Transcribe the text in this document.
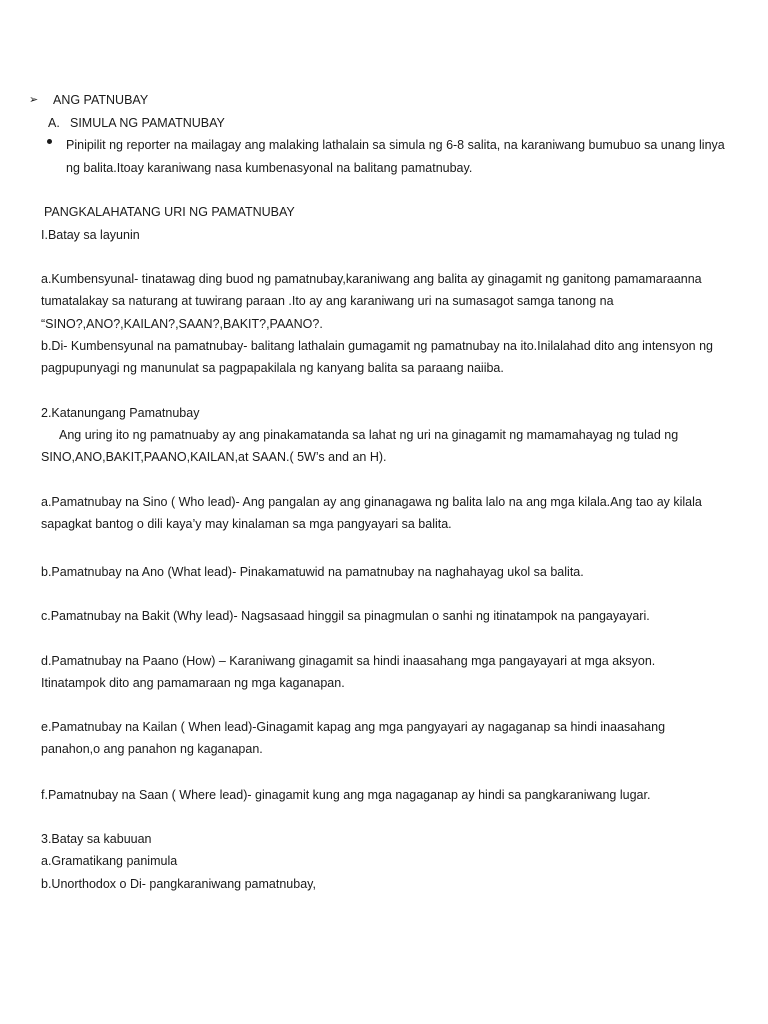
➢ ANG PATNUBAY
A. SIMULA NG PAMATNUBAY
Pinipilit ng reporter na mailagay ang malaking lathalain sa simula ng 6-8 salita, na karaniwang bumubuo sa unang linya
ng balita.Itoay karaniwang nasa kumbenasyonal na balitang pamatnubay.
PANGKALAHATANG URI NG PAMATNUBAY
I.Batay sa layunin
a.Kumbensyunal- tinatawag ding buod ng pamatnubay,karaniwang ang balita ay ginagamit ng ganitong pamamaraanna
tumatalakay sa naturang at tuwirang paraan .Ito ay ang karaniwang uri na sumasagot samga tanong na
“SINO?,ANO?,KAILAN?,SAAN?,BAKIT?,PAANO?.
b.Di- Kumbensyunal na pamatnubay- balitang lathalain gumagamit ng pamatnubay na ito.Inilalahad dito ang intensyon ng
pagpupunyagi ng manunulat sa pagpapakilala ng kanyang balita sa paraang naiiba.
2.Katanungang Pamatnubay
Ang uring ito ng pamatnuaby ay ang pinakamatanda sa lahat ng uri na ginagamit ng mamamahayag ng tulad ng
SINO,ANO,BAKIT,PAANO,KAILAN,at SAAN.( 5W’s and an H).
a.Pamatnubay na Sino ( Who lead)- Ang pangalan ay ang ginanagawa ng balita lalo na ang mga kilala.Ang tao ay kilala
sapagkat bantog o dili kaya’y may kinalaman sa mga pangyayari sa balita.
b.Pamatnubay na Ano (What lead)- Pinakamatuwid na pamatnubay na naghahayag ukol sa balita.
c.Pamatnubay na Bakit (Why lead)- Nagsasaad hinggil sa pinagmulan o sanhi ng itinatampok na pangayayari.
d.Pamatnubay na Paano (How) – Karaniwang ginagamit sa hindi inaasahang mga pangayayari at mga aksyon.
Itinatampok dito ang pamamaraan ng mga kaganapan.
e.Pamatnubay na Kailan ( When lead)-Ginagamit kapag ang mga pangyayari ay nagaganap sa hindi inaasahang
panahon,o ang panahon ng kaganapan.
f.Pamatnubay na Saan ( Where lead)- ginagamit kung ang mga nagaganap ay hindi sa pangkaraniwang lugar.
3.Batay sa kabuuan
a.Gramatikang panimula
b.Unorthodox o Di- pangkaraniwang pamatnubay,
